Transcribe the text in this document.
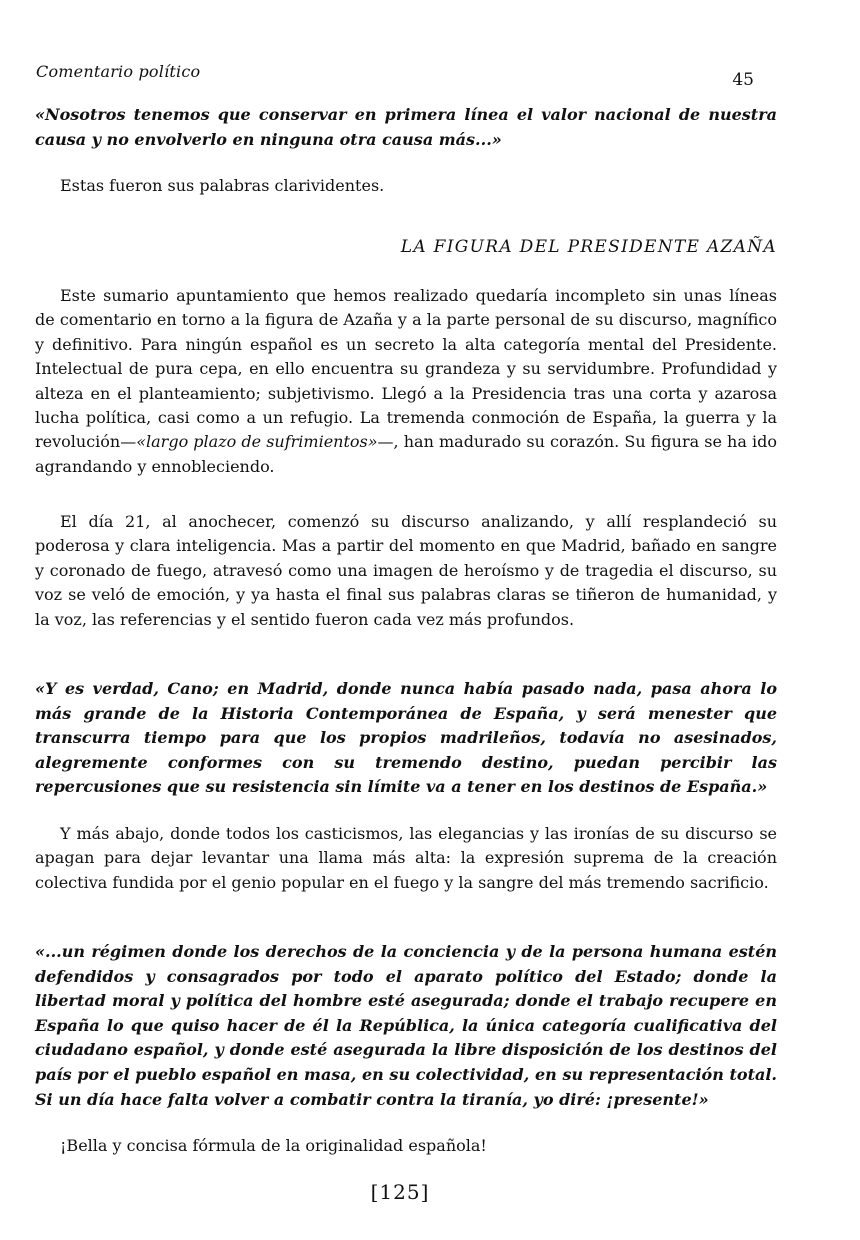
Comentario político	45
«Nosotros tenemos que conservar en primera línea el valor nacional de nuestra causa y no envolverlo en ninguna otra causa más...»
Estas fueron sus palabras clarividentes.
LA FIGURA DEL PRESIDENTE AZAÑA
Este sumario apuntamiento que hemos realizado quedaría incompleto sin unas líneas de comentario en torno a la figura de Azaña y a la parte personal de su discurso, magnífico y definitivo. Para ningún español es un secreto la alta categoría mental del Presidente. Intelectual de pura cepa, en ello encuentra su grandeza y su servidumbre. Profundidad y alteza en el planteamiento; subjetivismo. Llegó a la Presidencia tras una corta y azarosa lucha política, casi como a un refugio. La tremenda conmoción de España, la guerra y la revolución—«largo plazo de sufrimientos»—, han madurado su corazón. Su figura se ha ido agrandando y ennobleciendo.
El día 21, al anochecer, comenzó su discurso analizando, y allí resplandeció su poderosa y clara inteligencia. Mas a partir del momento en que Madrid, bañado en sangre y coronado de fuego, atravesó como una imagen de heroísmo y de tragedia el discurso, su voz se veló de emoción, y ya hasta el final sus palabras claras se tiñeron de humanidad, y la voz, las referencias y el sentido fueron cada vez más profundos.
«Y es verdad, Cano; en Madrid, donde nunca había pasado nada, pasa ahora lo más grande de la Historia Contemporánea de España, y será menester que transcurra tiempo para que los propios madrileños, todavía no asesinados, alegremente conformes con su tremendo destino, puedan percibir las repercusiones que su resistencia sin límite va a tener en los destinos de España.»
Y más abajo, donde todos los casticismos, las elegancias y las ironías de su discurso se apagan para dejar levantar una llama más alta: la expresión suprema de la creación colectiva fundida por el genio popular en el fuego y la sangre del más tremendo sacrificio.
«...un régimen donde los derechos de la conciencia y de la persona humana estén defendidos y consagrados por todo el aparato político del Estado; donde la libertad moral y política del hombre esté asegurada; donde el trabajo recupere en España lo que quiso hacer de él la República, la única categoría cualificativa del ciudadano español, y donde esté asegurada la libre disposición de los destinos del país por el pueblo español en masa, en su colectividad, en su representación total. Si un día hace falta volver a combatir contra la tiranía, yo diré: ¡presente!»
¡Bella y concisa fórmula de la originalidad española!
[125]
